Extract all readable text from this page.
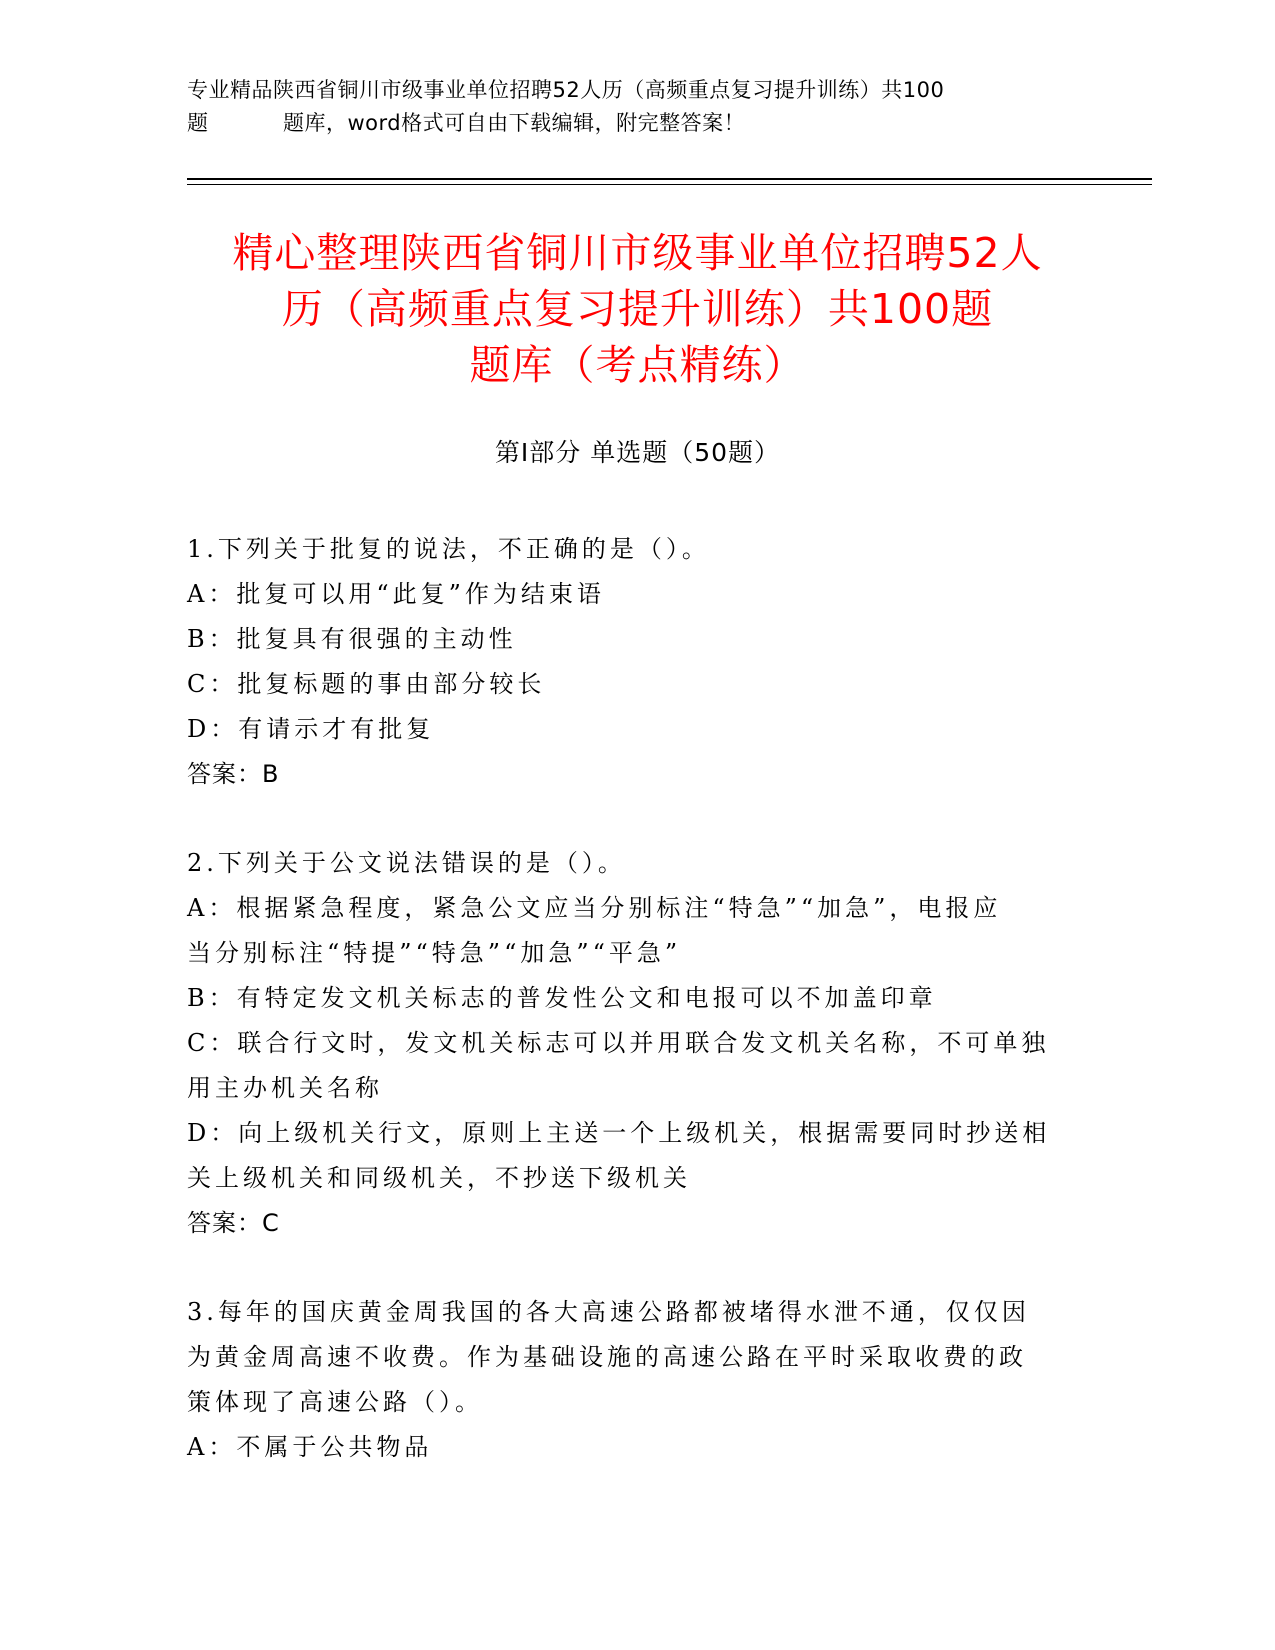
专业精品陕西省铜川市级事业单位招聘52人历（高频重点复习提升训练）共100
题	题库，word格式可自由下载编辑，附完整答案！
精心整理陕西省铜川市级事业单位招聘52人
历（高频重点复习提升训练）共100题
题库（考点精练）
第Ⅰ部分 单选题（50题）
1.下列关于批复的说法，不正确的是（）。
A：批复可以用“此复”作为结束语
B：批复具有很强的主动性
C：批复标题的事由部分较长
D：有请示才有批复
答案：B
2.下列关于公文说法错误的是（）。
A：根据紧急程度，紧急公文应当分别标注“特急”“加急”，电报应
当分别标注“特提”“特急”“加急”“平急”
B：有特定发文机关标志的普发性公文和电报可以不加盖印章
C：联合行文时，发文机关标志可以并用联合发文机关名称，不可单独
用主办机关名称
D：向上级机关行文，原则上主送一个上级机关，根据需要同时抄送相
关上级机关和同级机关，不抄送下级机关
答案：C
3.每年的国庆黄金周我国的各大高速公路都被堵得水泄不通，仅仅因
为黄金周高速不收费。作为基础设施的高速公路在平时采取收费的政
策体现了高速公路（）。
A：不属于公共物品
